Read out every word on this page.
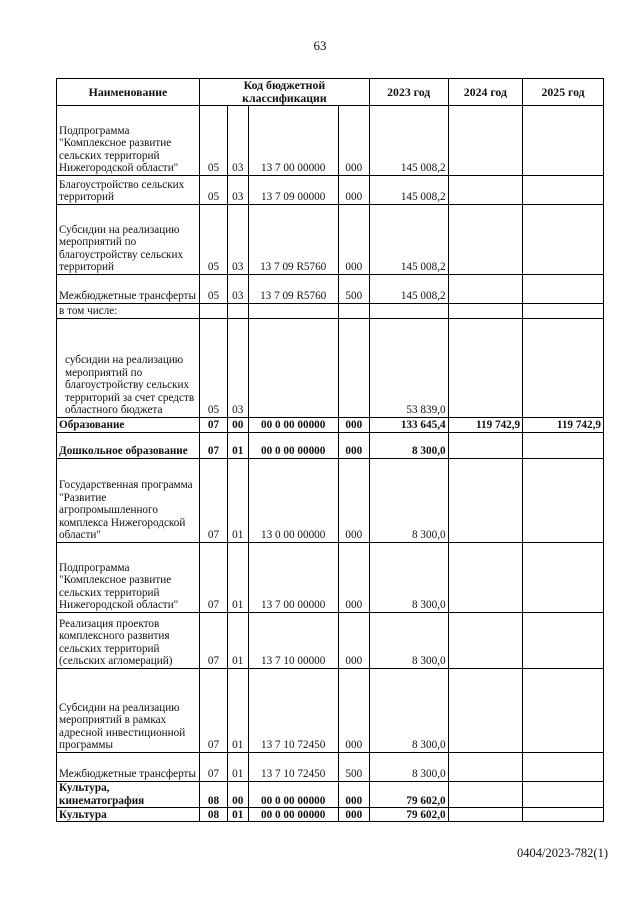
63
Наименование	Код бюджетной классификации				2023 год	2024 год	2025 год
Подпрограмма "Комплексное развитие сельских территорий Нижегородской области"	05	03	13 7 00 00000	000	145 008,2		
Благоустройство сельских территорий	05	03	13 7 09 00000	000	145 008,2		
Субсидии на реализацию мероприятий по благоустройству сельских территорий	05	03	13 7 09 R5760	000	145 008,2		
Межбюджетные трансферты	05	03	13 7 09 R5760	500	145 008,2		
в том числе:							
субсидии на реализацию мероприятий по благоустройству сельских территорий за счет средств областного бюджета	05	03			53 839,0		
Образование	07	00	00 0 00 00000	000	133 645,4	119 742,9	119 742,9
Дошкольное образование	07	01	00 0 00 00000	000	8 300,0		
Государственная программа "Развитие агропромышленного комплекса Нижегородской области"	07	01	13 0 00 00000	000	8 300,0		
Подпрограмма "Комплексное развитие сельских территорий Нижегородской области"	07	01	13 7 00 00000	000	8 300,0		
Реализация проектов комплексного развития сельских территорий (сельских агломераций)	07	01	13 7 10 00000	000	8 300,0		
Субсидии на реализацию мероприятий в рамках адресной инвестиционной программы	07	01	13 7 10 72450	000	8 300,0		
Межбюджетные трансферты	07	01	13 7 10 72450	500	8 300,0		
Культура, кинематография	08	00	00 0 00 00000	000	79 602,0		
Культура	08	01	00 0 00 00000	000	79 602,0		
0404/2023-782(1)
